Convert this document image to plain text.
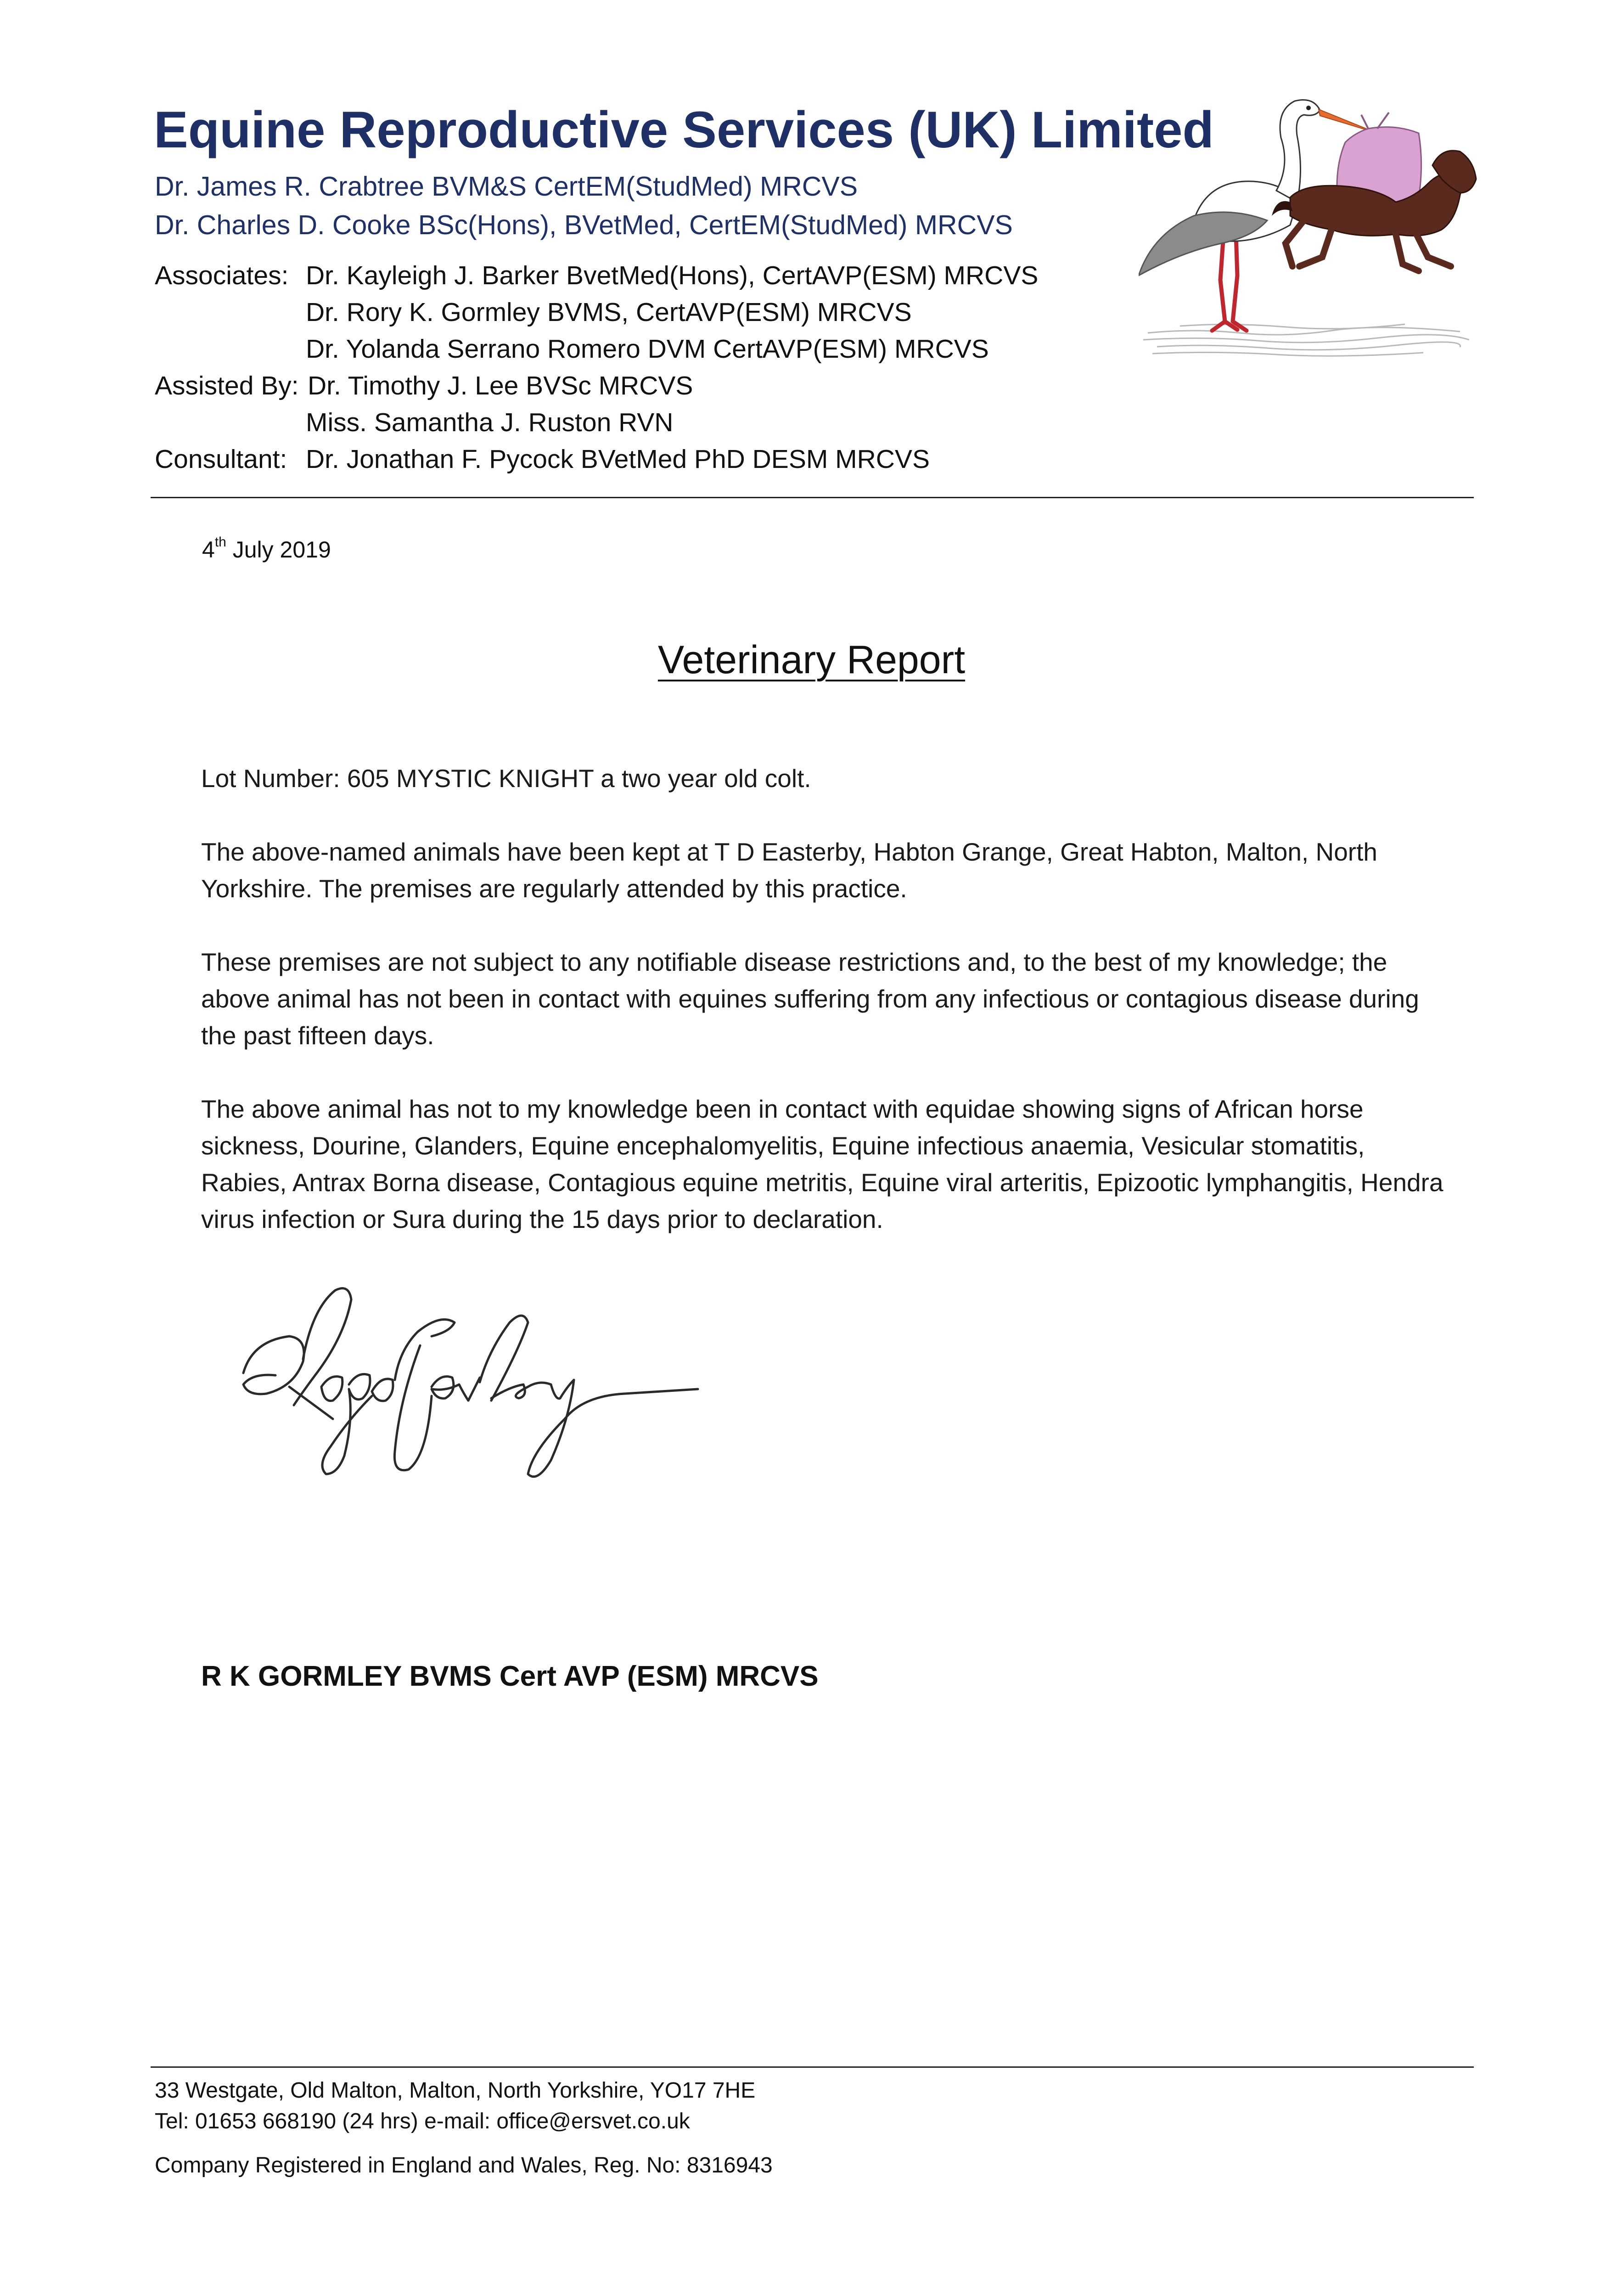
Equine Reproductive Services (UK) Limited
Dr. James R. Crabtree BVM&S CertEM(StudMed) MRCVS
Dr. Charles D. Cooke BSc(Hons), BVetMed, CertEM(StudMed) MRCVS
Associates: Dr. Kayleigh J. Barker BvetMed(Hons), CertAVP(ESM) MRCVS
Dr. Rory K. Gormley BVMS, CertAVP(ESM) MRCVS
Dr. Yolanda Serrano Romero DVM CertAVP(ESM) MRCVS
Assisted By: Dr. Timothy J. Lee BVSc MRCVS
Miss. Samantha J. Ruston RVN
Consultant: Dr. Jonathan F. Pycock BVetMed PhD DESM MRCVS
4th July 2019
Veterinary Report
Lot Number: 605 MYSTIC KNIGHT a two year old colt.
The above-named animals have been kept at T D Easterby, Habton Grange, Great Habton, Malton, North Yorkshire. The premises are regularly attended by this practice.
These premises are not subject to any notifiable disease restrictions and, to the best of my knowledge; the above animal has not been in contact with equines suffering from any infectious or contagious disease during the past fifteen days.
The above animal has not to my knowledge been in contact with equidae showing signs of African horse sickness, Dourine, Glanders, Equine encephalomyelitis, Equine infectious anaemia, Vesicular stomatitis, Rabies, Antrax Borna disease, Contagious equine metritis, Equine viral arteritis, Epizootic lymphangitis, Hendra virus infection or Sura during the 15 days prior to declaration.
R K GORMLEY BVMS Cert AVP (ESM) MRCVS
33 Westgate, Old Malton, Malton, North Yorkshire, YO17 7HE
Tel: 01653 668190 (24 hrs) e-mail: office@ersvet.co.uk
Company Registered in England and Wales, Reg. No: 8316943
